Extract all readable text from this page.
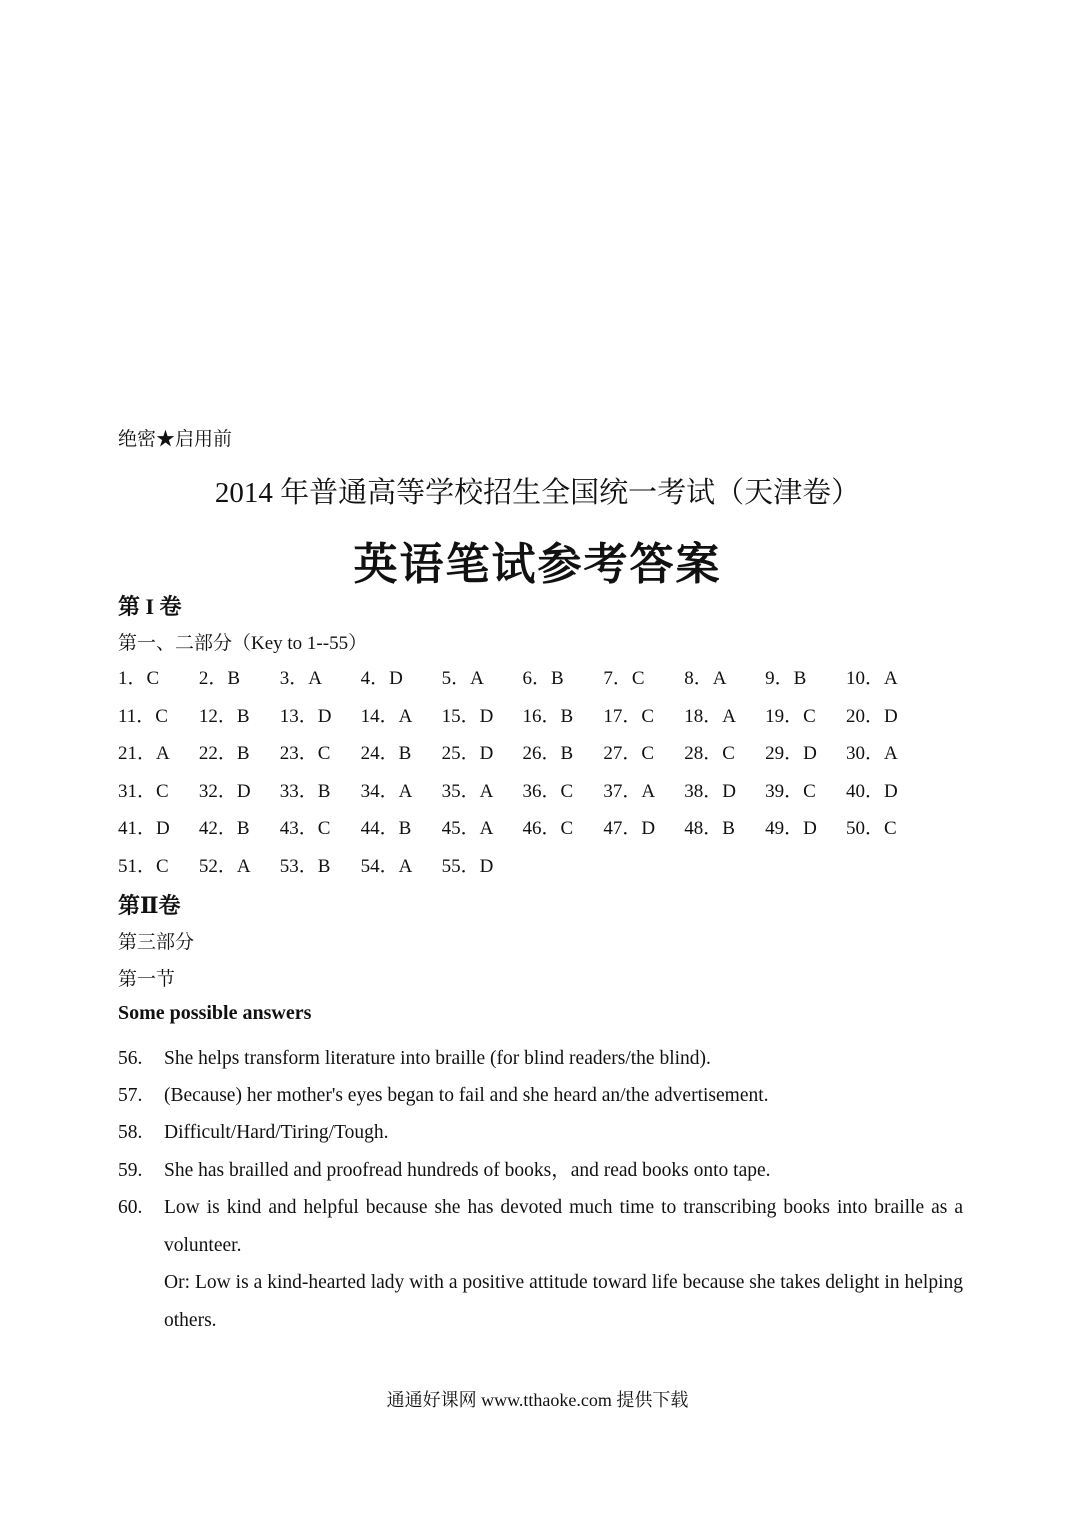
绝密★启用前
2014 年普通高等学校招生全国统一考试（天津卷）
英语笔试参考答案
第 I 卷
第一、二部分（Key to 1--55）
1．C	2．B	3．A	4．D	5．A	6．B	7．C	8．A	9．B	10．A
11．C	12．B	13．D	14．A	15．D	16．B	17．C	18．A	19．C	20．D
21．A	22．B	23．C	24．B	25．D	26．B	27．C	28．C	29．D	30．A
31．C	32．D	33．B	34．A	35．A	36．C	37．A	38．D	39．C	40．D
41．D	42．B	43．C	44．B	45．A	46．C	47．D	48．B	49．D	50．C
51．C	52．A	53．B	54．A	55．D
第Ⅱ卷
第三部分
第一节
Some possible answers
56.	She helps transform literature into braille (for blind readers/the blind).

57.	(Because) her mother's eyes began to fail and she heard an/the advertisement.

58.	Difficult/Hard/Tiring/Tough.

59.	She has brailled and proofread hundreds of books，and read books onto tape.

60.	Low is kind and helpful because she has devoted much time to transcribing books into braille as a volunteer.

Or: Low is a kind-hearted lady with a positive attitude toward life because she takes delight in helping others.

通通好课网 www.tthaoke.com 提供下载
